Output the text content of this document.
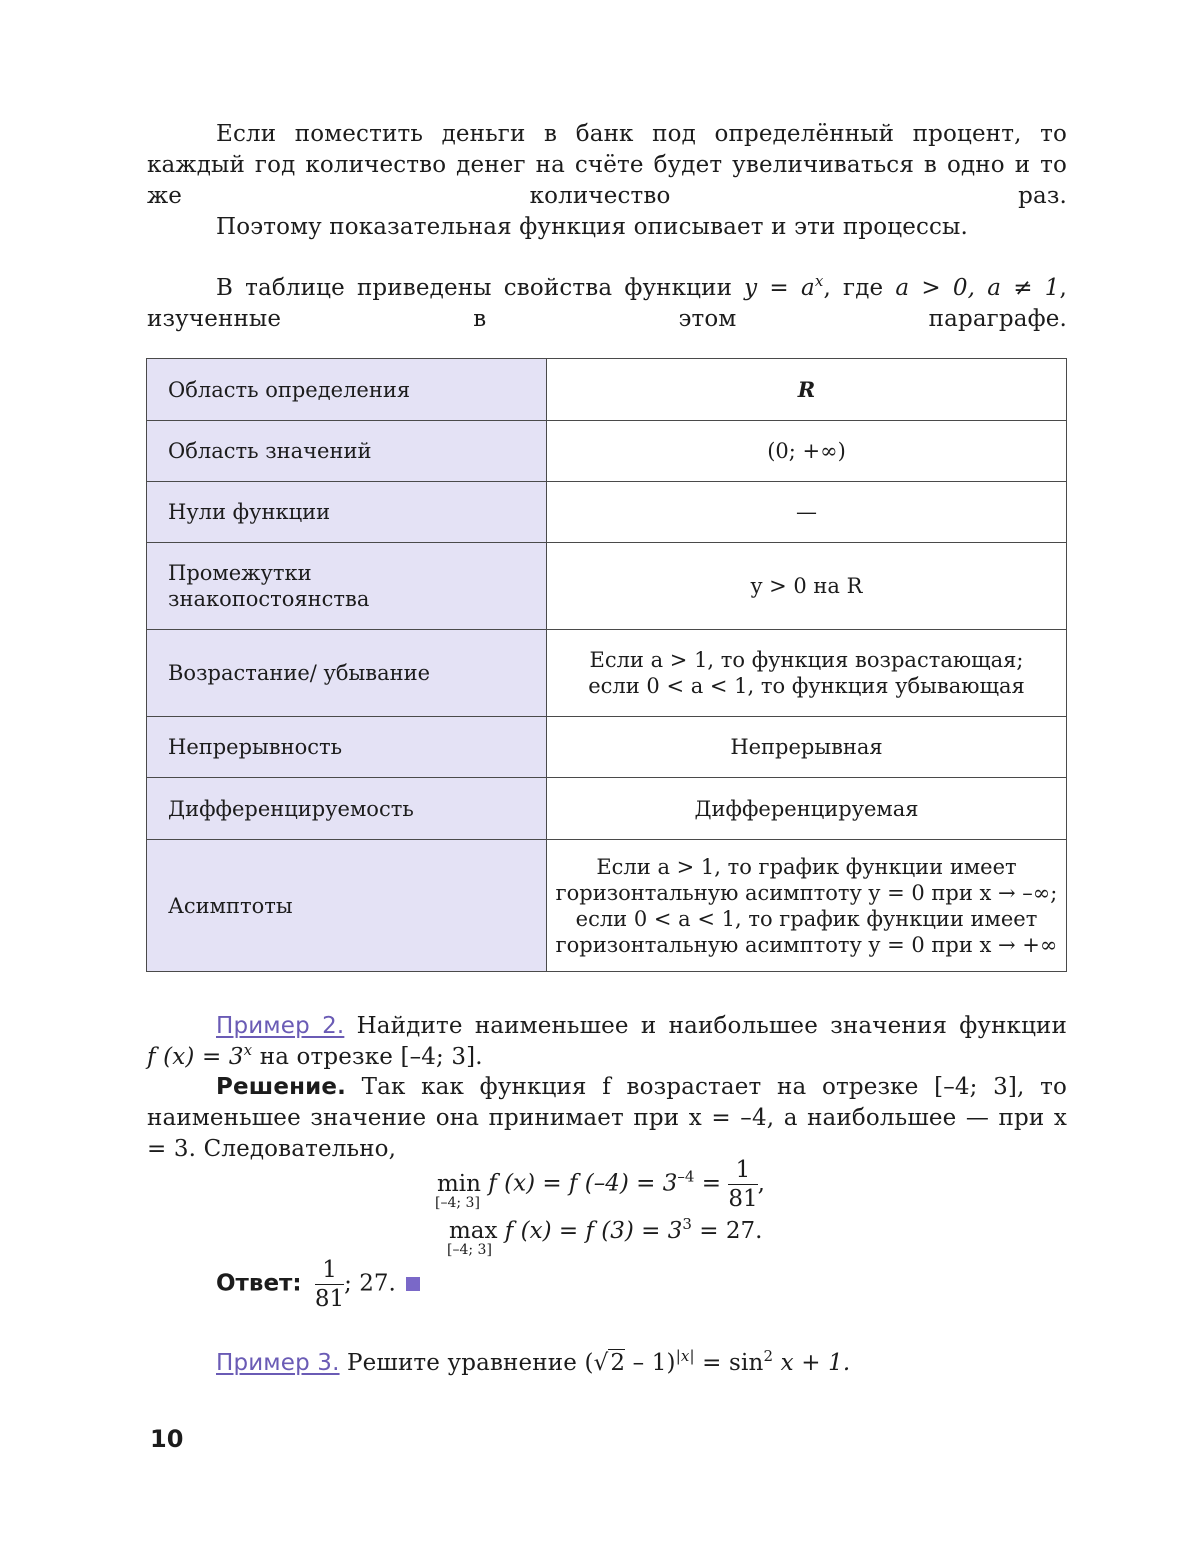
Если поместить деньги в банк под определённый процент, то каждый год количество денег на счёте будет увеличиваться в одно и то же количество раз.

Поэтому показательная функция описывает и эти процессы.

В таблице приведены свойства функции $y = a^x$, где a > 0, a ≠ 1, изученные в этом параграфе.

Область определения	R
Область значений	(0; +∞)
Нули функции	—
Промежутки знакопостоянства	y > 0 на R
Возрастание/ убывание	Если a > 1, то функция возрастающая;
если 0 < a < 1, то функция убывающая

Непрерывность	Непрерывная
Дифференцируемость	Дифференцируемая
Асимптоты	Если a > 1, то график функции имеет
горизонтальную асимптоту y = 0 при x → –∞;
если 0 < a < 1, то график функции имеет
горизонтальную асимптоту y = 0 при x → +∞

Пример 2. Найдите наименьшее и наибольшее значения функции

f $(x) = 3^x$ на отрезке [–4; 3].

Решение. Так как функция f возрастает на отрезке [–4; 3], то наименьшее значение она принимает при x = –4, а наибольшее — при x = 3. Следовательно,

min
[–4; 3]
f (x) = f $(-4) = 3^{-4} = \frac{1}{81}$ ,
max
[–4; 3]
f (x) = f $(3) = 3^3 = 27$.
Ответ: $\frac{1}{81}$ ; 27.

Пример 3. Решите уравнение $(√2 - 1)^{|x|} = \sin^2 x + 1$.

10
